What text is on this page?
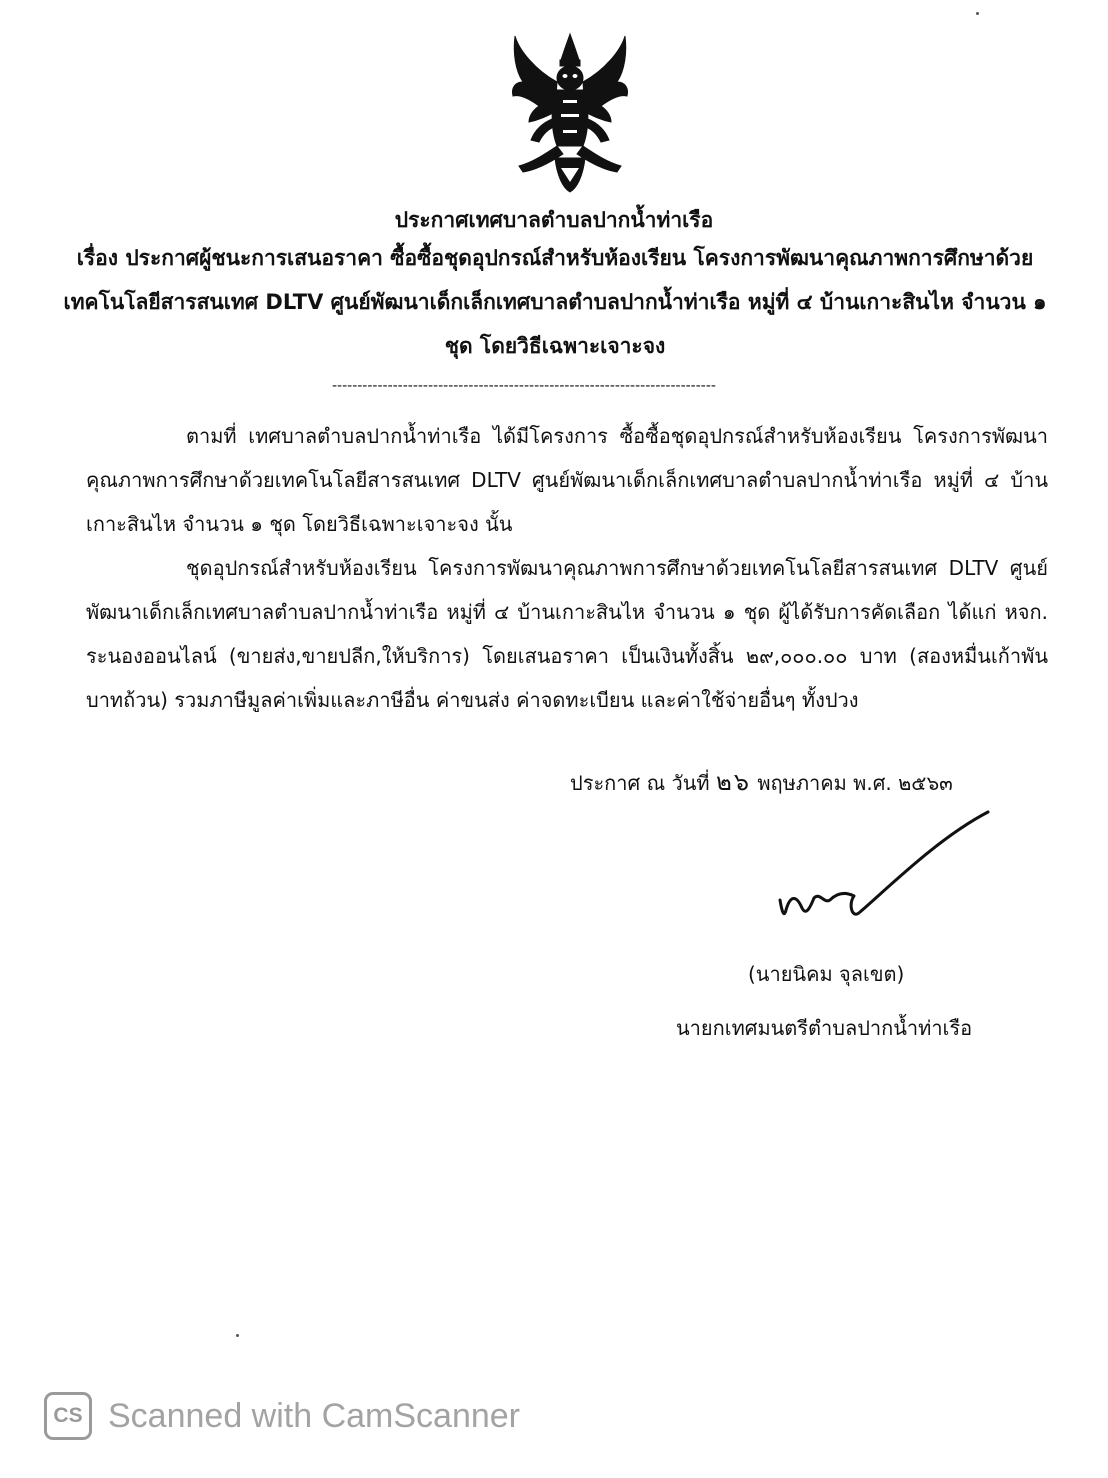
ประกาศเทศบาลตำบลปากน้ำท่าเรือ
เรื่อง ประกาศผู้ชนะการเสนอราคา ซื้อซื้อชุดอุปกรณ์สำหรับห้องเรียน โครงการพัฒนาคุณภาพการศึกษาด้วยเทคโนโลยีสารสนเทศ DLTV ศูนย์พัฒนาเด็กเล็กเทศบาลตำบลปากน้ำท่าเรือ หมู่ที่ ๔ บ้านเกาะสินไห จำนวน ๑ ชุด โดยวิธีเฉพาะเจาะจง
----------------------------------------------------------------------------
ตามที่ เทศบาลตำบลปากน้ำท่าเรือ ได้มีโครงการ ซื้อซื้อชุดอุปกรณ์สำหรับห้องเรียน โครงการพัฒนาคุณภาพการศึกษาด้วยเทคโนโลยีสารสนเทศ DLTV ศูนย์พัฒนาเด็กเล็กเทศบาลตำบลปากน้ำท่าเรือ หมู่ที่ ๔ บ้านเกาะสินไห จำนวน ๑ ชุด โดยวิธีเฉพาะเจาะจง นั้น
ชุดอุปกรณ์สำหรับห้องเรียน โครงการพัฒนาคุณภาพการศึกษาด้วยเทคโนโลยีสารสนเทศ DLTV ศูนย์พัฒนาเด็กเล็กเทศบาลตำบลปากน้ำท่าเรือ หมู่ที่ ๔ บ้านเกาะสินไห จำนวน ๑ ชุด ผู้ได้รับการคัดเลือก ได้แก่ หจก. ระนองออนไลน์ (ขายส่ง,ขายปลีก,ให้บริการ) โดยเสนอราคา เป็นเงินทั้งสิ้น ๒๙,๐๐๐.๐๐ บาท (สองหมื่นเก้าพันบาทถ้วน) รวมภาษีมูลค่าเพิ่มและภาษีอื่น ค่าขนส่ง ค่าจดทะเบียน และค่าใช้จ่ายอื่นๆ ทั้งปวง
ประกาศ ณ วันที่ ๒๖ พฤษภาคม พ.ศ. ๒๕๖๓
(นายนิคม จุลเขต)
นายกเทศมนตรีตำบลปากน้ำท่าเรือ
CS Scanned with CamScanner
